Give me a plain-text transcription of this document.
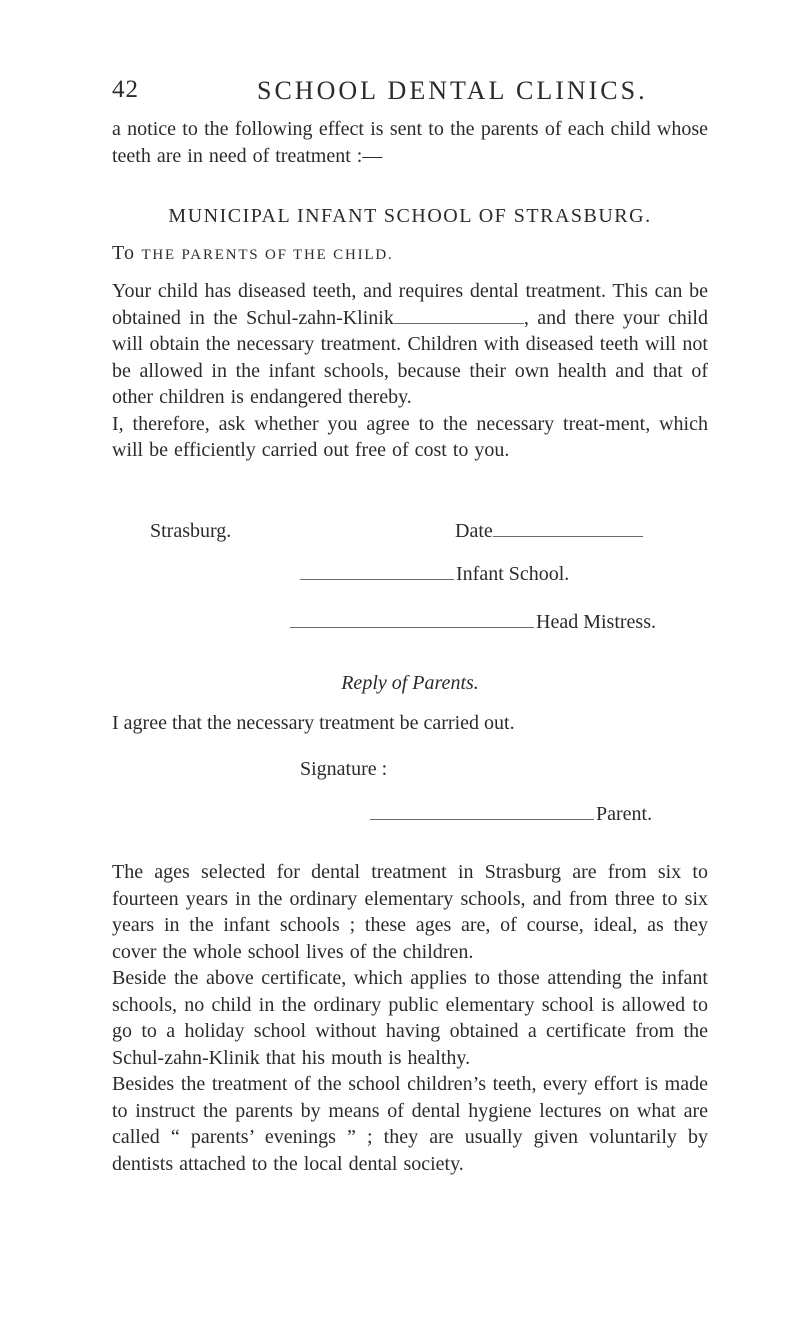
42	SCHOOL DENTAL CLINICS.

a notice to the following effect is sent to the parents of each child whose teeth are in need of treatment :—

MUNICIPAL INFANT SCHOOL OF STRASBURG.
To THE PARENTS OF THE CHILD.

Your child has diseased teeth, and requires dental treatment. This can be obtained in the Schul-zahn-Klinik	, and there your child will obtain the necessary treatment. Children with diseased teeth will not be allowed in the infant schools, because their own health and that of other children is endangered thereby.

I, therefore, ask whether you agree to the necessary treat-ment, which will be efficiently carried out free of cost to you.

Strasburg.	Date
Infant School.
Head Mistress.
Reply of Parents.
I agree that the necessary treatment be carried out.
Signature :
Parent.

The ages selected for dental treatment in Strasburg are from six to fourteen years in the ordinary elementary schools, and from three to six years in the infant schools ; these ages are, of course, ideal, as they cover the whole school lives of the children.

Beside the above certificate, which applies to those attending the infant schools, no child in the ordinary public elementary school is allowed to go to a holiday school without having obtained a certificate from the Schul-zahn-Klinik that his mouth is healthy.

Besides the treatment of the school children’s teeth, every effort is made to instruct the parents by means of dental hygiene lectures on what are called “ parents’ evenings ” ; they are usually given voluntarily by dentists attached to the local dental society.
